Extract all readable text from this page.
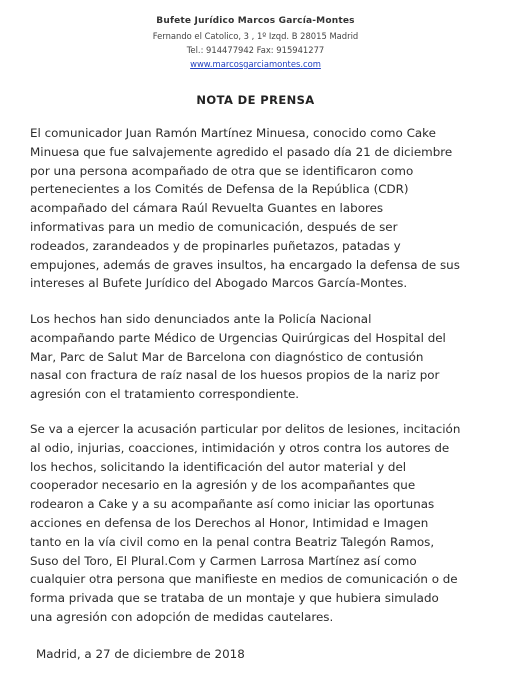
Bufete Jurídico Marcos García-Montes
Fernando el Catolico, 3 , 1º Izqd. B 28015 Madrid
Tel.: 914477942 Fax: 915941277
www.marcosgarciamontes.com
NOTA DE PRENSA

El comunicador Juan Ramón Martínez Minuesa, conocido como Cake
Minuesa que fue salvajemente agredido el pasado día 21 de diciembre
por una persona acompañado de otra que se identificaron como
pertenecientes a los Comités de Defensa de la República (CDR)
acompañado del cámara Raúl Revuelta Guantes en labores
informativas para un medio de comunicación, después de ser
rodeados, zarandeados y de propinarles puñetazos, patadas y
empujones, además de graves insultos, ha encargado la defensa de sus
intereses al Bufete Jurídico del Abogado Marcos García-Montes.

Los hechos han sido denunciados ante la Policía Nacional
acompañando parte Médico de Urgencias Quirúrgicas del Hospital del
Mar, Parc de Salut Mar de Barcelona con diagnóstico de contusión
nasal con fractura de raíz nasal de los huesos propios de la nariz por
agresión con el tratamiento correspondiente.

Se va a ejercer la acusación particular por delitos de lesiones, incitación
al odio, injurias, coacciones, intimidación y otros contra los autores de
los hechos, solicitando la identificación del autor material y del
cooperador necesario en la agresión y de los acompañantes que
rodearon a Cake y a su acompañante así como iniciar las oportunas
acciones en defensa de los Derechos al Honor, Intimidad e Imagen
tanto en la vía civil como en la penal contra Beatriz Talegón Ramos,
Suso del Toro, El Plural.Com y Carmen Larrosa Martínez así como
cualquier otra persona que manifieste en medios de comunicación o de
forma privada que se trataba de un montaje y que hubiera simulado
una agresión con adopción de medidas cautelares.

Madrid, a 27 de diciembre de 2018
